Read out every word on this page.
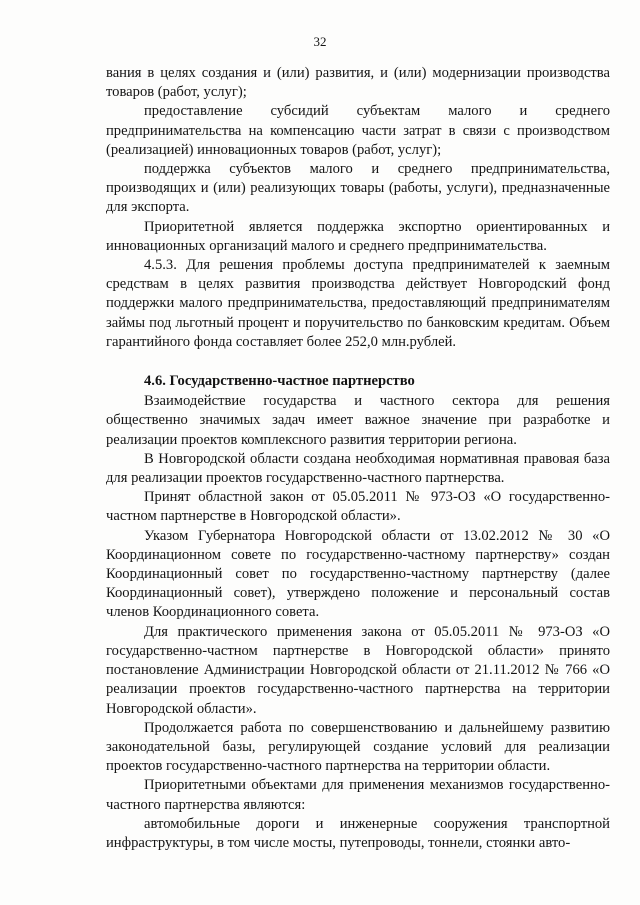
32

вания в целях создания и (или) развития, и (или) модернизации производства товаров (работ, услуг);

предоставление субсидий субъектам малого и среднего предпринимательства на компенсацию части затрат в связи с производством (реализацией) инновационных товаров (работ, услуг);

поддержка субъектов малого и среднего предпринимательства, производящих и (или) реализующих товары (работы, услуги), предназначенные для экспорта.

Приоритетной является поддержка экспортно ориентированных и инновационных организаций малого и среднего предпринимательства.

4.5.3. Для решения проблемы доступа предпринимателей к заемным средствам в целях развития производства действует Новгородский фонд поддержки малого предпринимательства, предоставляющий предпринимателям займы под льготный процент и поручительство по банковским кредитам. Объем гарантийного фонда составляет более 252,0 млн.рублей.

4.6. Государственно-частное партнерство

Взаимодействие государства и частного сектора для решения общественно значимых задач имеет важное значение при разработке и реализации проектов комплексного развития территории региона.

В Новгородской области создана необходимая нормативная правовая база для реализации проектов государственно-частного партнерства.

Принят областной закон от 05.05.2011 № 973-ОЗ «О государственно-частном партнерстве в Новгородской области».

Указом Губернатора Новгородской области от 13.02.2012 № 30 «О Координационном совете по государственно-частному партнерству» создан Координационный совет по государственно-частному партнерству (далее Координационный совет), утверждено положение и персональный состав членов Координационного совета.

Для практического применения закона от 05.05.2011 № 973-ОЗ «О государственно-частном партнерстве в Новгородской области» принято постановление Администрации Новгородской области от 21.11.2012 № 766 «О реализации проектов государственно-частного партнерства на территории Новгородской области».

Продолжается работа по совершенствованию и дальнейшему развитию законодательной базы, регулирующей создание условий для реализации проектов государственно-частного партнерства на территории области.

Приоритетными объектами для применения механизмов государственно-частного партнерства являются:

автомобильные дороги и инженерные сооружения транспортной инфраструктуры, в том числе мосты, путепроводы, тоннели, стоянки авто-
